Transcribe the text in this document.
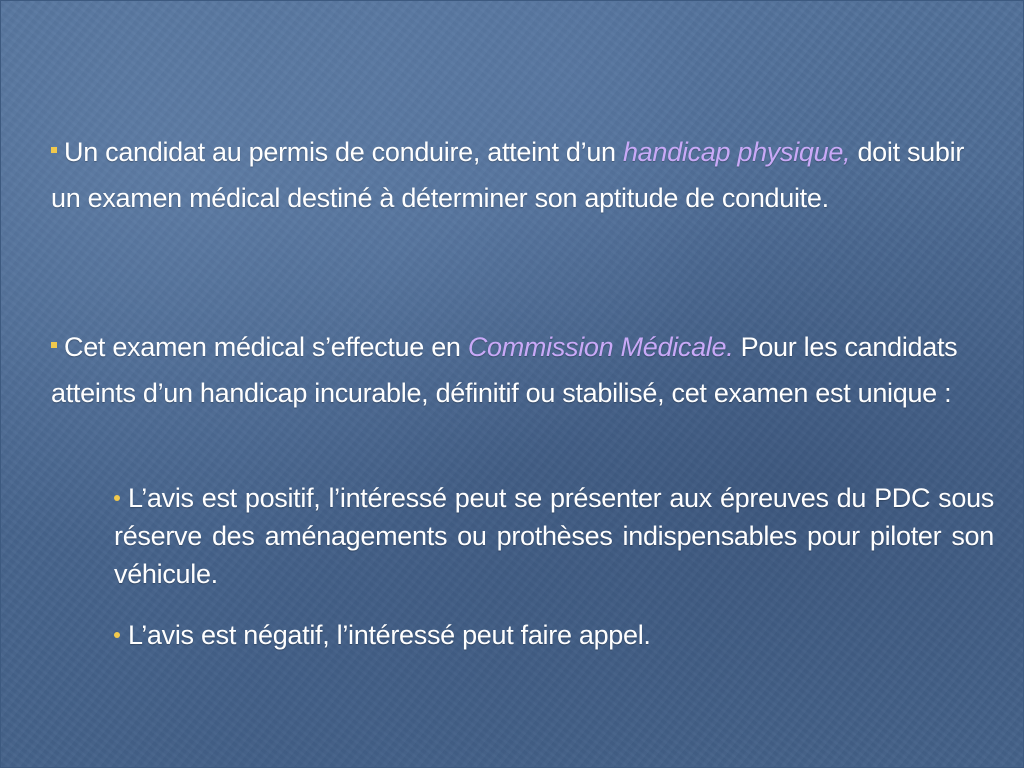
Un candidat au permis de conduire, atteint d’un handicap physique, doit subir un examen médical destiné à déterminer son aptitude de conduite.
Cet examen médical s’effectue en Commission Médicale. Pour les candidats atteints d’un handicap incurable, définitif ou stabilisé, cet examen est unique :
L’avis est positif, l’intéressé peut se présenter aux épreuves du PDC sous réserve des aménagements ou prothèses indispensables pour piloter son véhicule.
L’avis est négatif, l’intéressé peut faire appel.
